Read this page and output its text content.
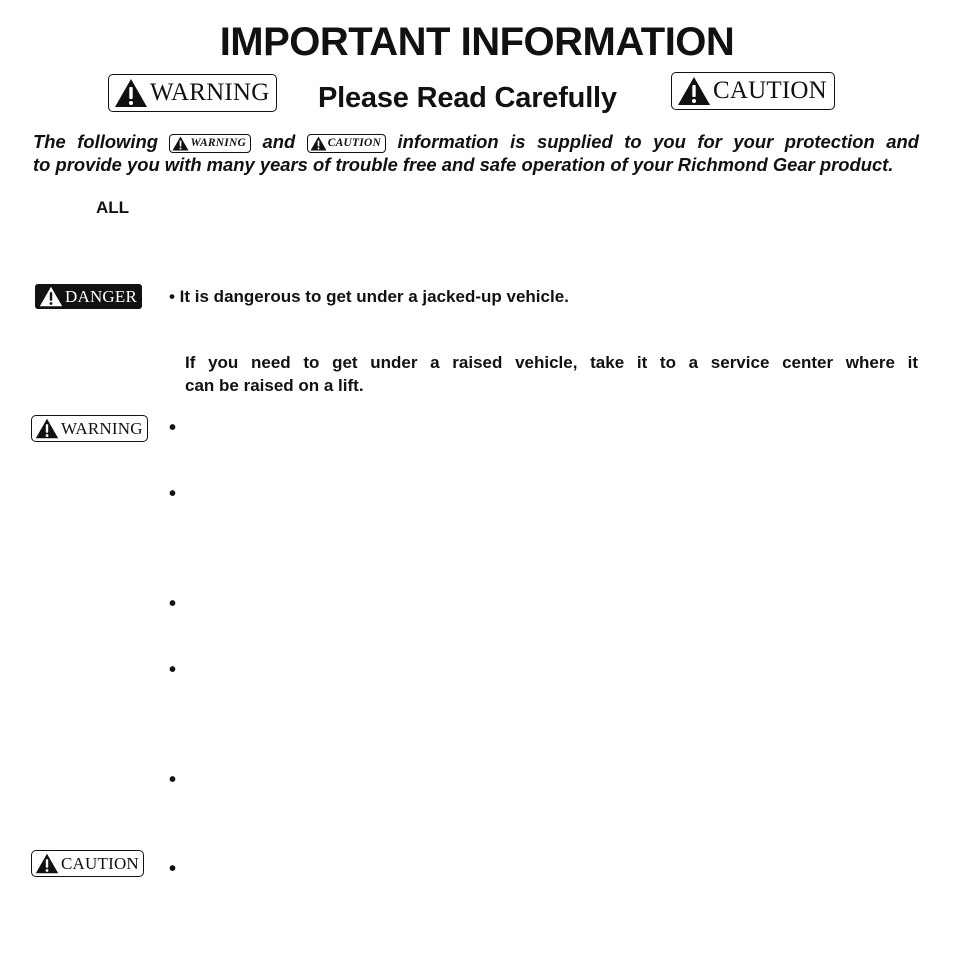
IMPORTANT INFORMATION
WARNING Please Read Carefully	CAUTION
The following	WARNING and	CAUTION information is supplied to you for your protection and
to provide you with many years of trouble free and safe operation of your Richmond Gear product.
ALL
DANGER • It is dangerous to get under a jacked-up vehicle.
If you need to get under a raised vehicle, take it to a service center where it
can be raised on a lift.
WARNING •
•
•
•
•
CAUTION •
